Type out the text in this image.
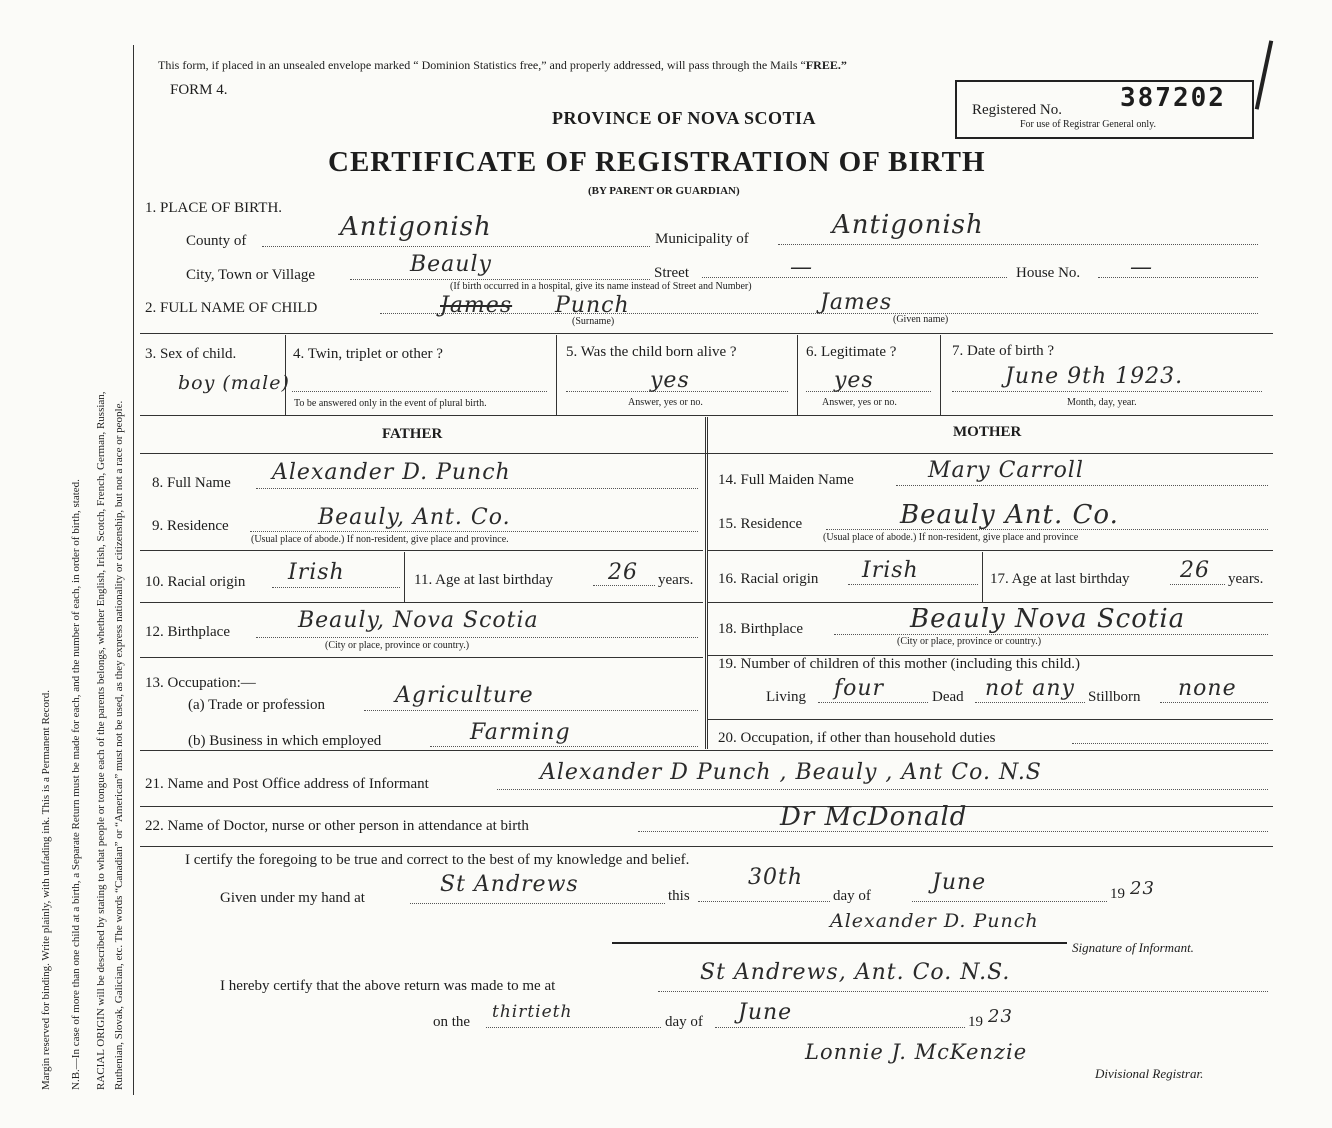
Margin reserved for binding. Write plainly, with unfading ink. This is a Permanent Record. N.B.—In case of more than one child at a birth, a Separate Return must be made for each, and the number of each, in order of birth, stated. RACIAL ORIGIN will be described by stating to what people or tongue each of the parents belongs, whether English, Irish, Scotch, French, German, Russian, Ruthenian, Slovak, Galician, etc. The words “Canadian” or “American” must not be used, as they express nationality or citizenship, but not a race or people.
This form, if placed in an unsealed envelope marked “ Dominion Statistics free,” and properly addressed, will pass through the Mails “FREE.”
FORM 4.
PROVINCE OF NOVA SCOTIA
CERTIFICATE OF REGISTRATION OF BIRTH
(BY PARENT OR GUARDIAN)
Registered No. 387202
For use of Registrar General only.
1. PLACE OF BIRTH.
County of	Antigonish	Municipality of	Antigonish
City, Town or Village	Beauly	Street	—
(If birth occurred in a hospital, give its name instead of Street and Number)
House No. —
2. FULL NAME OF CHILD	James Punch
(Surname)
James
(Given name)
3. Sex of child.
boy (male)
4. Twin, triplet or other ?
To be answered only in the event of plural birth.
5. Was the child born alive ?
yes
Answer, yes or no.
6. Legitimate ?
yes
Answer, yes or no.
7. Date of birth ?
June 9th 1923.
Month, day, year.
FATHER	MOTHER
8. Full Name Alexander D. Punch
9. Residence	Beauly, Ant. Co.
(Usual place of abode.) If non-resident, give place and province.
10. Racial origin Irish	11. Age at last birthday	26 years.
12. Birthplace	Beauly, Nova Scotia
(City or place, province or country.)
13. Occupation:—
(a) Trade or profession	Agriculture
(b) Business in which employed	Farming
14. Full Maiden Name	Mary Carroll
15. Residence	Beauly Ant. Co.
(Usual place of abode.) If non-resident, give place and province
16. Racial origin Irish	17. Age at last birthday 26 years.
18. Birthplace	Beauly Nova Scotia
(City or place, province or country.)
19. Number of children of this mother (including this child.)
Living four	Dead not any Stillborn none
20. Occupation, if other than household duties
21. Name and Post Office address of Informant	Alexander D Punch , Beauly , Ant Co. N.S
22. Name of Doctor, nurse or other person in attendance at birth	Dr McDonald
I certify the foregoing to be true and correct to the best of my knowledge and belief.
Given under my hand at
St Andrews	this
30th
day of
June	19 23
Alexander D. Punch
Signature of Informant.
I hereby certify that the above return was made to me at
St Andrews, Ant. Co. N.S.
on the thirtieth	day of June	19 23
Lonnie J. McKenzie
Divisional Registrar.
